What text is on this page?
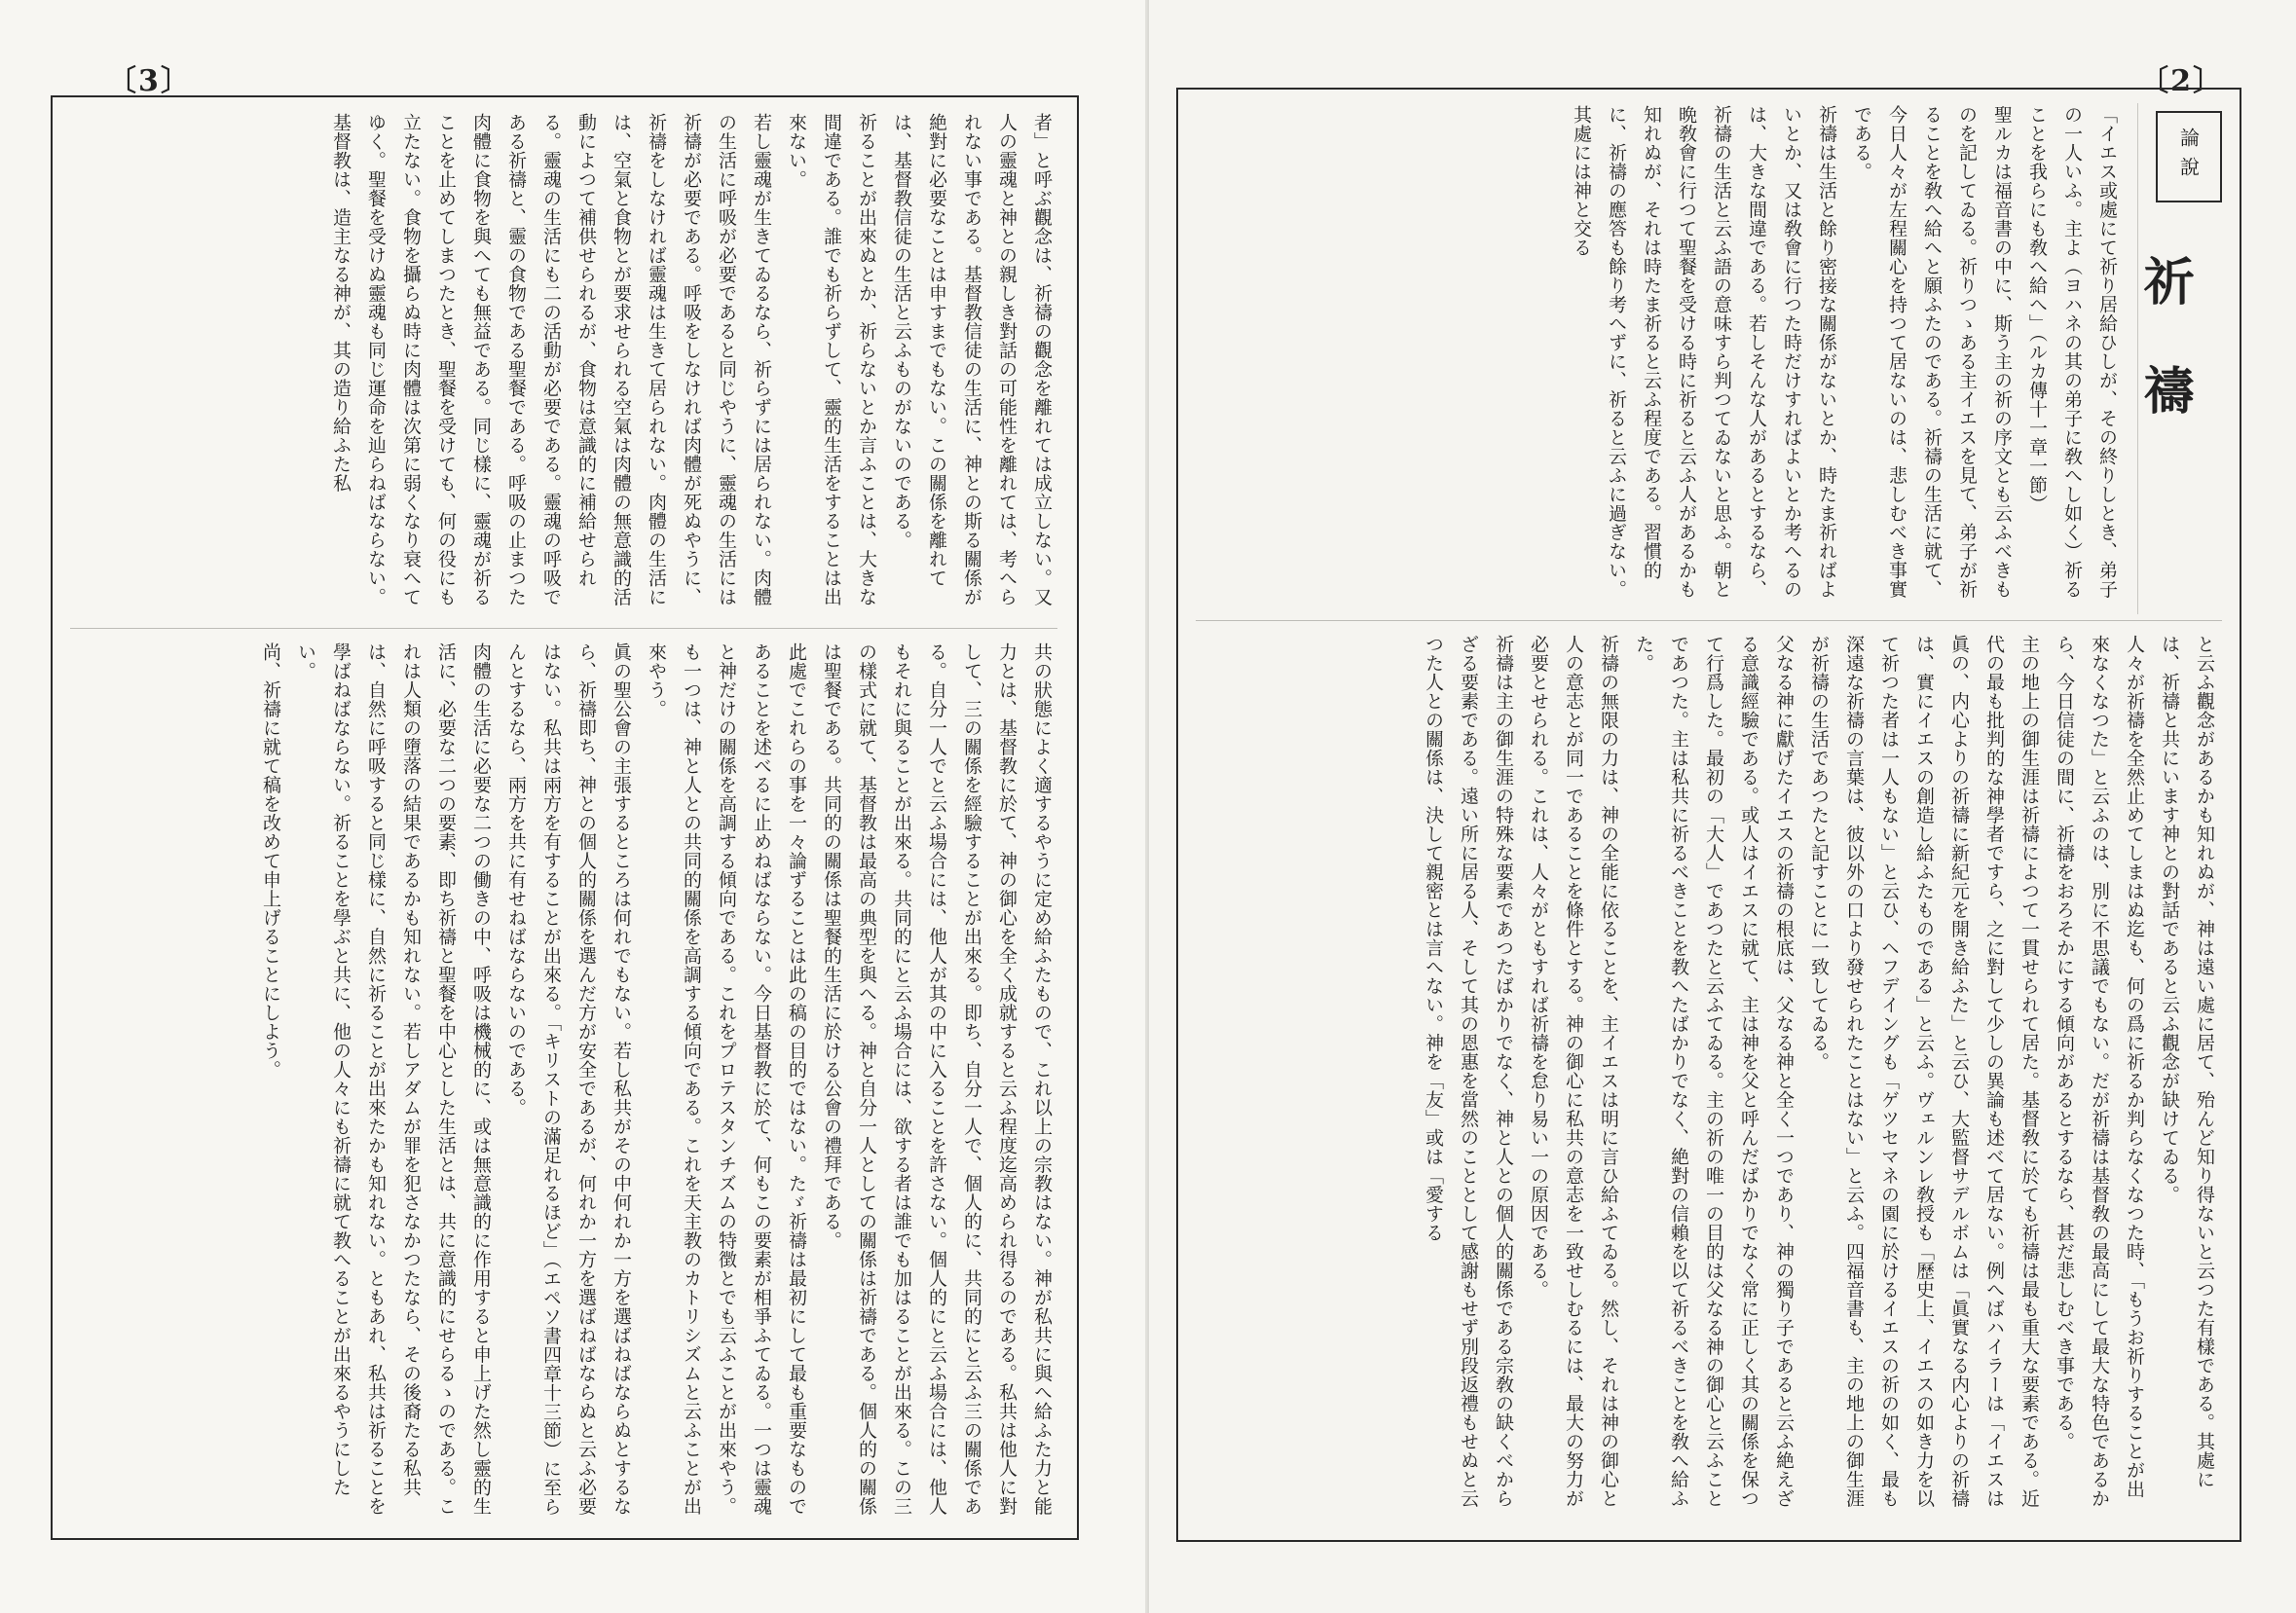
〔3〕
者」と呼ぶ觀念は、祈禱の觀念を離れては成立しない。又人の靈魂と神との親しき對話の可能性を離れては、考へられない事である。基督教信徒の生活に、神との斯る關係が絶對に必要なことは申すまでもない。この關係を離れては、基督教信徒の生活と云ふものがないのである。
祈ることが出來ぬとか、祈らないとか言ふことは、大きな間違である。誰でも祈らずして、靈的生活をすることは出來ない。
若し靈魂が生きてゐるなら、祈らずには居られない。肉體の生活に呼吸が必要であると同じやうに、靈魂の生活には祈禱が必要である。呼吸をしなければ肉體が死ぬやうに、祈禱をしなければ靈魂は生きて居られない。肉體の生活には、空氣と食物とが要求せられる空氣は肉體の無意識的活動によつて補供せられるが、食物は意識的に補給せられる。靈魂の生活にも二の活動が必要である。靈魂の呼吸である祈禱と、靈の食物である聖餐である。呼吸の止まつた肉體に食物を與へても無益である。同じ樣に、靈魂が祈ることを止めてしまつたとき、聖餐を受けても、何の役にも立たない。食物を攝らぬ時に肉體は次第に弱くなり衰へてゆく。聖餐を受けぬ靈魂も同じ運命を辿らねばならない。
基督教は、造主なる神が、其の造り給ふた私
共の狀態によく適するやうに定め給ふたもので、これ以上の宗教はない。神が私共に與へ給ふた力と能力とは、基督教に於て、神の御心を全く成就すると云ふ程度迄高められ得るのである。私共は他人に對して、三の關係を經驗することが出來る。即ち、自分一人で、個人的に、共同的にと云ふ三の關係である。自分一人でと云ふ場合には、他人が其の中に入ることを許さない。個人的にと云ふ場合には、他人もそれに與ることが出來る。共同的にと云ふ場合には、欲する者は誰でも加はることが出來る。この三の樣式に就て、基督教は最高の典型を與へる。神と自分一人としての關係は祈禱である。個人的の關係は聖餐である。共同的の關係は聖餐的生活に於ける公會の禮拜である。
此處でこれらの事を一々論ずることは此の稿の目的ではない。たゞ祈禱は最初にして最も重要なものであることを述べるに止めねばならない。今日基督教に於て、何もこの要素が相爭ふてゐる。一つは靈魂と神だけの關係を高調する傾向である。これをプロテスタンチズムの特徴とでも云ふことが出來やう。も一つは、神と人との共同的關係を高調する傾向である。これを天主教のカトリシズムと云ふことが出來やう。
眞の聖公會の主張するところは何れでもない。若し私共がその中何れか一方を選ばねばならぬとするなら、祈禱即ち、神との個人的關係を選んだ方が安全であるが、何れか一方を選ばねばならぬと云ふ必要はない。私共は兩方を有することが出來る。「キリストの滿足れるほど」（エペソ書四章十三節）に至らんとするなら、兩方を共に有せねばならないのである。
肉體の生活に必要な二つの働きの中、呼吸は機械的に、或は無意識的に作用すると申上げた然し靈的生活に、必要な二つの要素、即ち祈禱と聖餐を中心とした生活とは、共に意識的にせらるゝのである。これは人類の墮落の結果であるかも知れない。若しアダムが罪を犯さなかつたなら、その後裔たる私共は、自然に呼吸すると同じ樣に、自然に祈ることが出來たかも知れない。ともあれ、私共は祈ることを學ばねばならない。祈ることを學ぶと共に、他の人々にも祈禱に就て教へることが出來るやうにしたい。
尚、祈禱に就て稿を改めて申上げることにしよう。
〔2〕
論說
祈禱
「イエス或處にて祈り居給ひしが、その終りしとき、弟子の一人いふ。主よ（ヨハネの其の弟子に敎へし如く）祈ることを我らにも敎へ給へ」（ルカ傳十一章一節）
聖ルカは福音書の中に、斯う主の祈の序文とも云ふべきものを記してゐる。祈りつゝある主イエスを見て、弟子が祈ることを敎へ給へと願ふたのである。祈禱の生活に就て、今日人々が左程關心を持つて居ないのは、悲しむべき事實である。
祈禱は生活と餘り密接な關係がないとか、時たま祈ればよいとか、又は敎會に行つた時だけすればよいとか考へるのは、大きな間違である。若しそんな人があるとするなら、祈禱の生活と云ふ語の意味すら判つてゐないと思ふ。朝と晩敎會に行つて聖餐を受ける時に祈ると云ふ人があるかも知れぬが、それは時たま祈ると云ふ程度である。習慣的に、祈禱の應答も餘り考へずに、祈ると云ふに過ぎない。其處には神と交る
と云ふ觀念があるかも知れぬが、神は遠い處に居て、殆んど知り得ないと云つた有樣である。其處には、祈禱と共にいます神との對話であると云ふ觀念が缺けてゐる。
人々が祈禱を全然止めてしまはぬ迄も、何の爲に祈るか判らなくなつた時、「もうお祈りすることが出來なくなつた」と云ふのは、別に不思議でもない。だが祈禱は基督敎の最高にして最大な特色であるから、今日信徒の間に、祈禱をおろそかにする傾向があるとするなら、甚だ悲しむべき事である。
主の地上の御生涯は祈禱によつて一貫せられて居た。基督敎に於ても祈禱は最も重大な要素である。近代の最も批判的な神學者ですら、之に對して少しの異論も述べて居ない。例へばハイラーは「イエスは眞の、内心よりの祈禱に新紀元を開き給ふた」と云ひ、大監督サデルボムは「眞實なる内心よりの祈禱は、實にイエスの創造し給ふたものである」と云ふ。ヴェルンレ敎授も「歷史上、イエスの如き力を以て祈つた者は一人もない」と云ひ、ヘフデイングも「ゲツセマネの園に於けるイエスの祈の如く、最も深遠な祈禱の言葉は、彼以外の口より發せられたことはない」と云ふ。四福音書も、主の地上の御生涯が祈禱の生活であつたと記すことに一致してゐる。
父なる神に獻げたイエスの祈禱の根底は、父なる神と全く一つであり、神の獨り子であると云ふ絶えざる意識經驗である。或人はイエスに就て、主は神を父と呼んだばかりでなく常に正しく其の關係を保つて行爲した。最初の「大人」であつたと云ふてゐる。主の祈の唯一の目的は父なる神の御心と云ふことであつた。主は私共に祈るべきことを教へたばかりでなく、絶對の信賴を以て祈るべきことを敎へ給ふた。
祈禱の無限の力は、神の全能に依ることを、主イエスは明に言ひ給ふてゐる。然し、それは神の御心と人の意志とが同一であることを條件とする。神の御心に私共の意志を一致せしむるには、最大の努力が必要とせられる。これは、人々がともすれば祈禱を怠り易い一の原因である。
祈禱は主の御生涯の特殊な要素であつたばかりでなく、神と人との個人的關係である宗敎の缺くべからざる要素である。遠い所に居る人、そして其の恩惠を當然のこととして感謝もせず別段返禮もせぬと云つた人との關係は、決して親密とは言へない。神を「友」或は「愛する
